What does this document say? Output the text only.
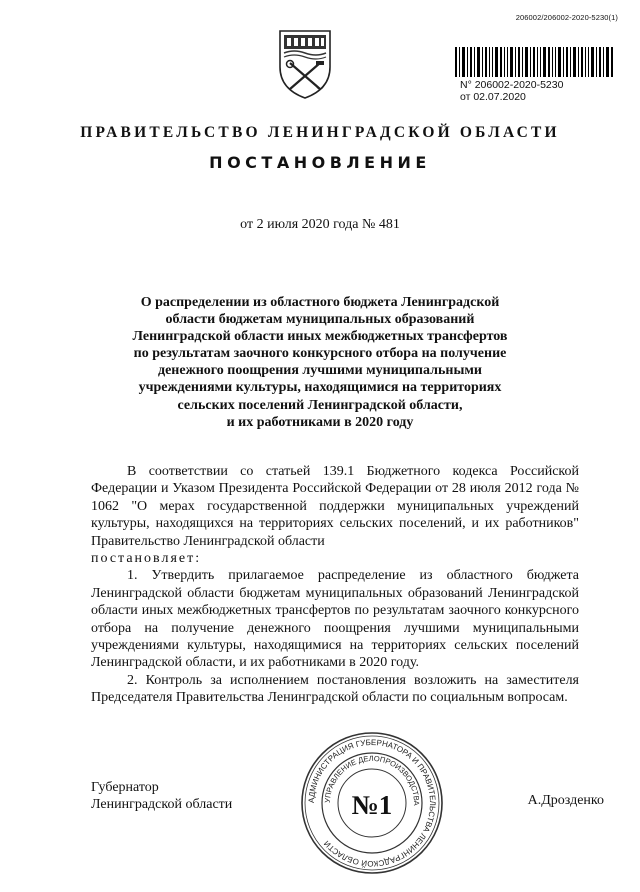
206002/206002-2020-5230(1)
N° 206002-2020-5230
от 02.07.2020
ПРАВИТЕЛЬСТВО ЛЕНИНГРАДСКОЙ ОБЛАСТИ
ПОСТАНОВЛЕНИЕ
от 2 июля 2020 года № 481
О распределении из областного бюджета Ленинградской
области бюджетам муниципальных образований
Ленинградской области иных межбюджетных трансфертов
по результатам заочного конкурсного отбора на получение
денежного поощрения лучшими муниципальными
учреждениями культуры, находящимися на территориях
сельских поселений Ленинградской области,
и их работниками в 2020 году

В соответствии со статьей 139.1 Бюджетного кодекса Российской Федерации и Указом Президента Российской Федерации от 28 июля 2012 года № 1062 "О мерах государственной поддержки муниципальных учреждений культуры, находящихся на территориях сельских поселений, и их работников" Правительство Ленинградской области

постановляет:

1. Утвердить прилагаемое распределение из областного бюджета Ленинградской области бюджетам муниципальных образований Ленинградской области иных межбюджетных трансфертов по результатам заочного конкурсного отбора на получение денежного поощрения лучшими муниципальными учреждениями культуры, находящимися на территориях сельских поселений Ленинградской области, и их работниками в 2020 году.

2. Контроль за исполнением постановления возложить на заместителя Председателя Правительства Ленинградской области по социальным вопросам.

Губернатор
Ленинградской области	А.Дрозденко
АДМИНИСТРАЦИЯ ГУБЕРНАТОРА И ПРАВИТЕЛЬСТВА ЛЕНИНГРАДСКОЙ ОБЛАСТИ
УПРАВЛЕНИЕ ДЕЛОПРОИЗВОДСТВА
№1
